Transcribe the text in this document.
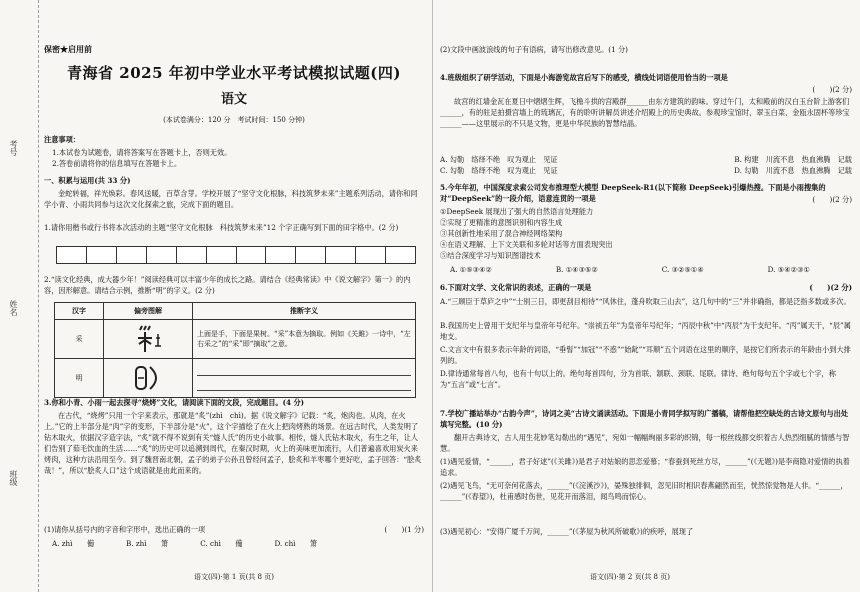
考号
姓名
班级
保密★启用前
青海省 2025 年初中学业水平考试模拟试题(四)
语文
(本试卷满分：120 分　考试时间：150 分钟)
注意事项：
1.本试卷为试题卷，请将答案写在答题卡上，否则无效。
2.答卷前请将你的信息填写在答题卡上。
一、积累与运用(共 33 分)
金蛇转福，祥光焕彩。春风送暖，百草含芽。学校开展了“坚守文化根脉，科技筑梦未来”主题系列活动，请你和同学小青、小雨共同参与这次文化探索之旅，完成下面的题目。
1.请你用楷书或行书将本次活动的主题“坚守文化根脉　科技筑梦未来”12 个字正确写到下面的田字格中。(2 分)
2.“读文化经典，成大器少年！”阅读经典可以丰富少年的成长之路。请结合《经典常读》中《说文解字》第一》的内容，因形解意。请结合示例，推断“明”的字义。(2 分)
汉字	偏旁图解	推断字义
采		上面是手，下面是果树。“采”本意为摘取。例如《关雎》一诗中，“左右采之”的“采”即“摘取”之意。
明	

3.你和小青、小雨一起去探寻“烧烤”文化，请阅读下面的文段，完成题目。(4 分)
在古代，“烧烤”只用一个字来表示，那就是“炙”(zhì　chì)。据《说文解字》记载：“炙，炮肉也。从肉，在火上。”它的上半部分是“肉”字的变形，下半部分是“火”，这个字描绘了在火上把肉烤熟的场景。在远古时代，人类发明了钻木取火，依据汉字造字法，“炙”就不得不说到有关“燧人氏”的历史小故事。相传，燧人氏钻木取火，有生之年，让人们告别了茹毛饮血的生活……“炙”的历史可以追溯到周代，在秦汉时期，火上的美味更加流行，人们普遍喜欢用炭火来烤肉，这种方法沿用至今。到了魏晋南北朝，孟子的弟子公孙丑曾经问孟子，脍炙和羊枣哪个更好吃，孟子回答：“脍炙哉！”，所以“脍炙人口”这个成语就是由此而来的。
(1)请你从括号内的字音和字形中，选出正确的一项	(　　)(1 分)
A. zhì　　僃	B. zhì　　箫	C. chì　　僃	D. chì　　箫
语文(四)·第 1 页(共 8 页)
(2)文段中画波浪线的句子有语病，请写出修改意见。(1 分)
4.班级组织了研学活动，下面是小海游览故宫后写下的感受，横线处词语使用恰当的一项是
(　　)(2 分)
故宫的红墙金瓦在夏日中熠熠生辉，飞檐斗拱的宫殿群______由东方建筑的韵味。穿过午门，太和殿前的汉白玉台阶上游客们______，有的驻足拍摄宫墙上的琉璃瓦，有的聆听讲解员讲述介绍殿上的历史典故。参观珍宝馆时，翠玉白菜、金瓯永固杯等珍宝______——这里展示的不只是文物，更是中华民族的智慧结晶。
A. 勾勒　络绎不绝　叹为观止　见证	B. 构建　川流不息　热血沸腾　记载
C. 勾勒　络绎不绝　叹为观止　见证	D. 勾勒　川流不息　热血沸腾　记载
5.今年年初，中国深度求索公司发布推理型大模型 DeepSeek-R1(以下简称 DeepSeek)引爆热搜。下面是小雨搜集的对“DeepSeek”的一段介绍，语意连贯的一项是	(　　)(2 分)
①DeepSeek 展现出了强大的自然语言处理能力
②实现了更精准的意图识别和内容生成
③其创新性地采用了混合神经网络架构
④在语义理解、上下文关联和多轮对话等方面表现突出
⑤结合深度学习与知识图谱技术
A. ①⑤③④②	B. ①④③⑤②	C. ③②⑤①④	D. ⑤④②③①
6.下面对文学、文化常识的表述，正确的一项是	(　　)(2 分)
A.“三顾臣于草庐之中”“士别三日，即更刮目相待”“风休住，蓬舟吹取三山去”，这几句中的“三”并非确指，都是泛指多数或多次。
B.我国历史上曾用干支纪年与皇帝年号纪年。“崇祯五年”为皇帝年号纪年；“丙辰中秋”中“丙辰”为干支纪年。“丙”属天干，“辰”属地支。
C.文言文中有很多表示年龄的词语，“垂髫”“加冠”“不惑”“始龀”“耳顺”五个词语在这里的顺序，是按它们所表示的年龄由小到大排列的。
D.律诗通常每首八句，也有十句以上的。绝句每首四句，分为首联、颔联、颈联、尾联。律诗、绝句每句五个字或七个字，称为“五言”或“七言”。
7.学校广播站举办“古韵今声”，诗词之美“古诗文诵读活动。下面是小青同学拟写的广播稿，请帮他把空缺处的古诗文原句与出处填写完整。(10 分)
翻开古典诗文，古人用生花妙笔勾勒出的“遇见”，宛如一幅幅绚丽多彩的织锦，每一根丝线都交织着古人热烈细腻的情感与智慧。
(1)遇见爱情，“______，君子好逑”(《关雎》)是君子对姑娘的思恋爱慕；“春蚕到死丝方尽，______”(《无题》)是李商隐对爱情的执着追求。
(2)遇见飞鸟，“无可奈何花落去，______”(《浣溪沙》)，晏殊独徘徊，忽见旧时相识春燕翩然而至，恍然惊觉物是人非。“______，______”(《春望》)，杜甫感时伤世，见花开而落泪，闻鸟鸣而惊心。
(3)遇见初心：“安得广厦千万间，______”(《茅屋为秋风所破歌》)的疾呼，展现了
语文(四)·第 2 页(共 8 页)
